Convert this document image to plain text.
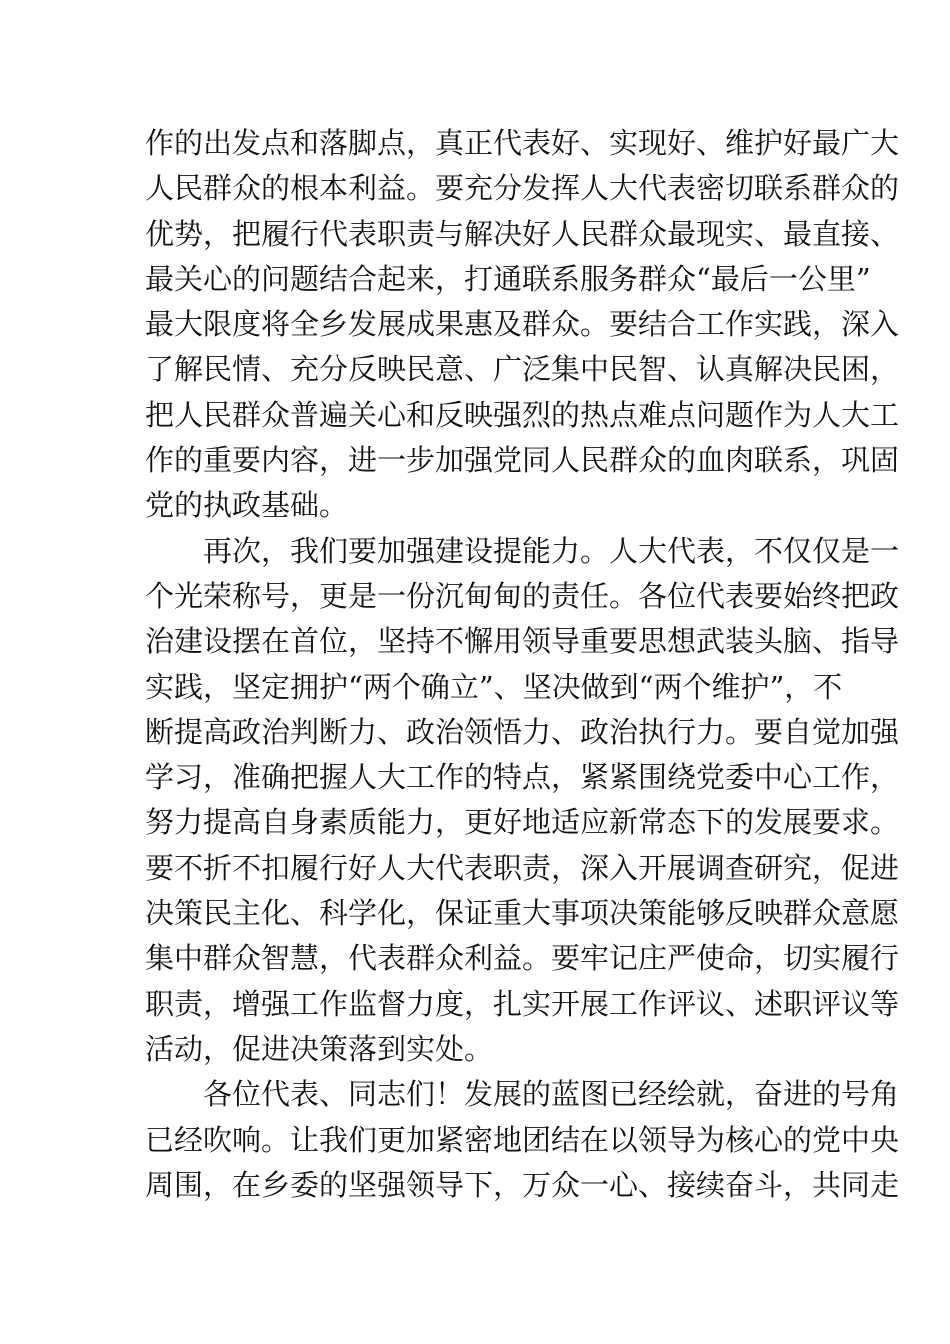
作的出发点和落脚点，真正代表好、实现好、维护好最广大
人民群众的根本利益。要充分发挥人大代表密切联系群众的
优势，把履行代表职责与解决好人民群众最现实、最直接、
最关心的问题结合起来，打通联系服务群众“最后一公里”
最大限度将全乡发展成果惠及群众。要结合工作实践，深入
了解民情、充分反映民意、广泛集中民智、认真解决民困，
把人民群众普遍关心和反映强烈的热点难点问题作为人大工
作的重要内容，进一步加强党同人民群众的血肉联系，巩固
党的执政基础。
再次，我们要加强建设提能力。人大代表，不仅仅是一
个光荣称号，更是一份沉甸甸的责任。各位代表要始终把政
治建设摆在首位，坚持不懈用领导重要思想武装头脑、指导
实践，坚定拥护“两个确立”、坚决做到“两个维护”，不
断提高政治判断力、政治领悟力、政治执行力。要自觉加强
学习，准确把握人大工作的特点，紧紧围绕党委中心工作，
努力提高自身素质能力，更好地适应新常态下的发展要求。
要不折不扣履行好人大代表职责，深入开展调查研究，促进
决策民主化、科学化，保证重大事项决策能够反映群众意愿
集中群众智慧，代表群众利益。要牢记庄严使命，切实履行
职责，增强工作监督力度，扎实开展工作评议、述职评议等
活动，促进决策落到实处。
各位代表、同志们！发展的蓝图已经绘就，奋进的号角
已经吹响。让我们更加紧密地团结在以领导为核心的党中央
周围，在乡委的坚强领导下，万众一心、接续奋斗，共同走
